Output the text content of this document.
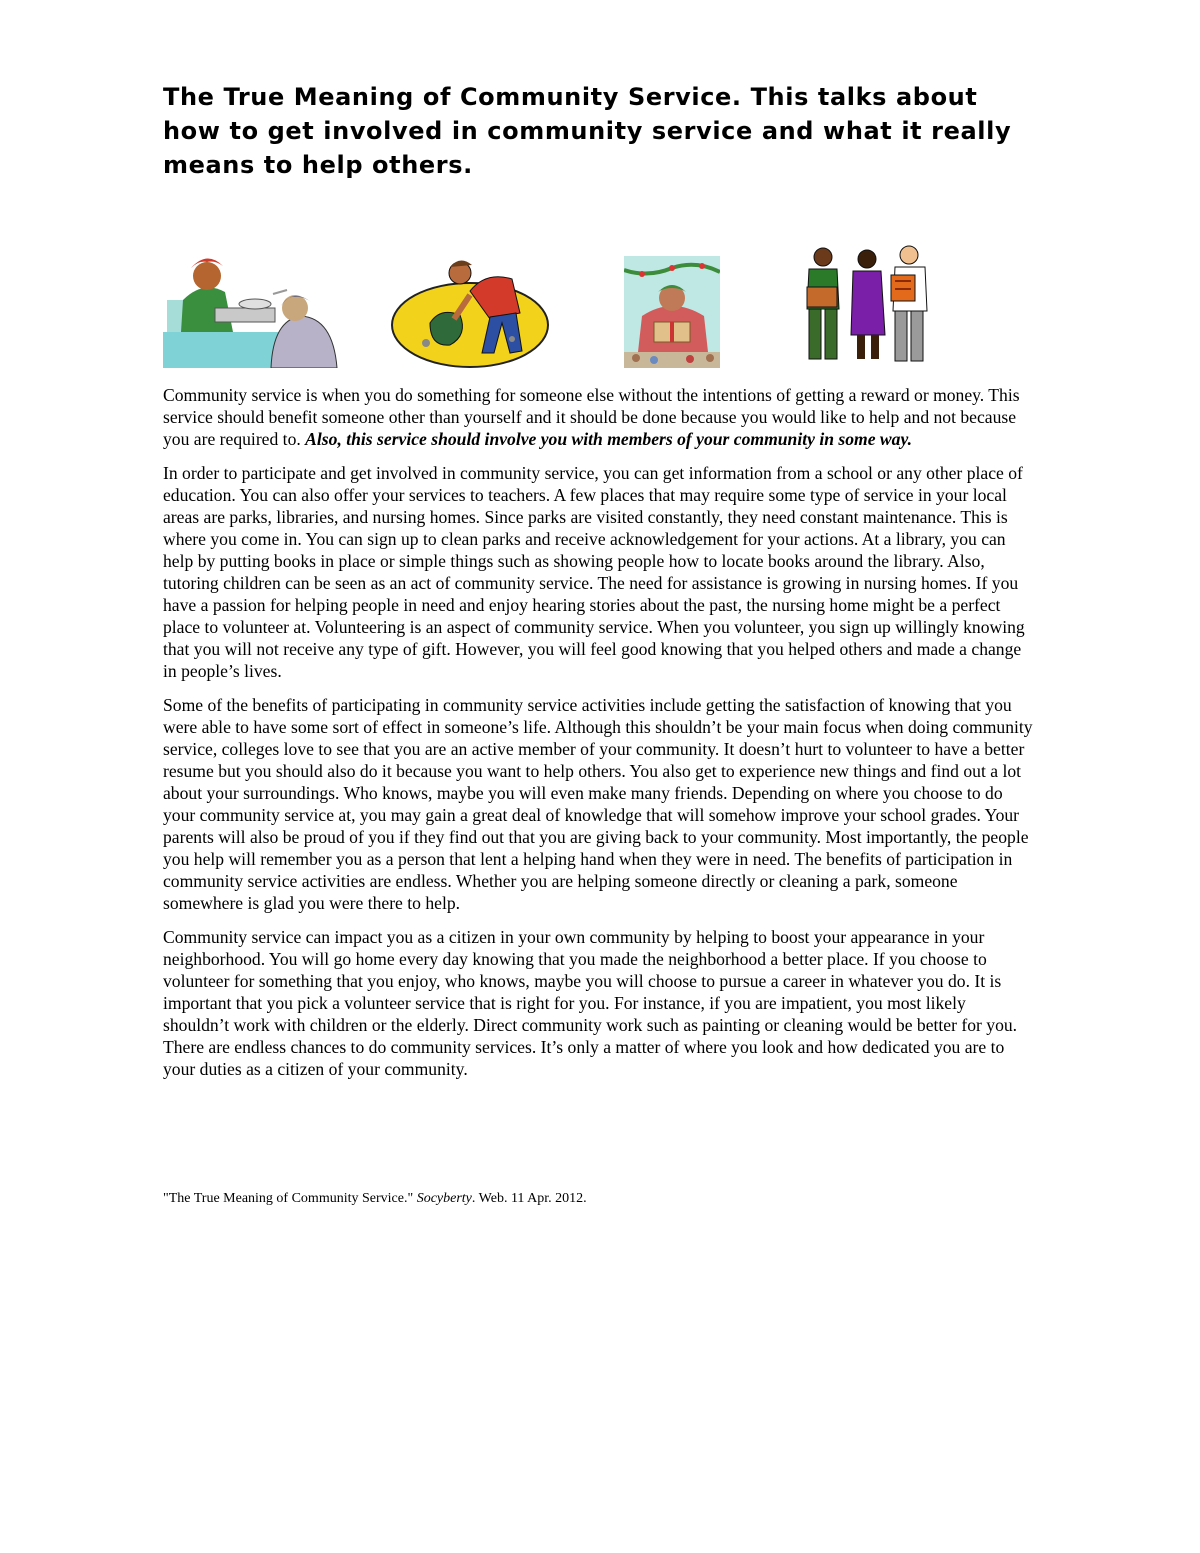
The True Meaning of Community Service. This talks about how to get involved in community service and what it really means to help others.

Community service is when you do something for someone else without the intentions of getting a reward or money. This service should benefit someone other than yourself and it should be done because you would like to help and not because you are required to. Also, this service should involve you with members of your community in some way.

In order to participate and get involved in community service, you can get information from a school or any other place of education. You can also offer your services to teachers. A few places that may require some type of service in your local areas are parks, libraries, and nursing homes. Since parks are visited constantly, they need constant maintenance. This is where you come in. You can sign up to clean parks and receive acknowledgement for your actions. At a library, you can help by putting books in place or simple things such as showing people how to locate books around the library. Also, tutoring children can be seen as an act of community service. The need for assistance is growing in nursing homes. If you have a passion for helping people in need and enjoy hearing stories about the past, the nursing home might be a perfect place to volunteer at. Volunteering is an aspect of community service. When you volunteer, you sign up willingly knowing that you will not receive any type of gift. However, you will feel good knowing that you helped others and made a change in people’s lives.

Some of the benefits of participating in community service activities include getting the satisfaction of knowing that you were able to have some sort of effect in someone’s life. Although this shouldn’t be your main focus when doing community service, colleges love to see that you are an active member of your community. It doesn’t hurt to volunteer to have a better resume but you should also do it because you want to help others. You also get to experience new things and find out a lot about your surroundings. Who knows, maybe you will even make many friends. Depending on where you choose to do your community service at, you may gain a great deal of knowledge that will somehow improve your school grades. Your parents will also be proud of you if they find out that you are giving back to your community. Most importantly, the people you help will remember you as a person that lent a helping hand when they were in need. The benefits of participation in community service activities are endless. Whether you are helping someone directly or cleaning a park, someone somewhere is glad you were there to help.

Community service can impact you as a citizen in your own community by helping to boost your appearance in your neighborhood. You will go home every day knowing that you made the neighborhood a better place. If you choose to volunteer for something that you enjoy, who knows, maybe you will choose to pursue a career in whatever you do. It is important that you pick a volunteer service that is right for you. For instance, if you are impatient, you most likely shouldn’t work with children or the elderly. Direct community work such as painting or cleaning would be better for you. There are endless chances to do community services. It’s only a matter of where you look and how dedicated you are to your duties as a citizen of your community.

"The True Meaning of Community Service." Socyberty. Web. 11 Apr. 2012.
